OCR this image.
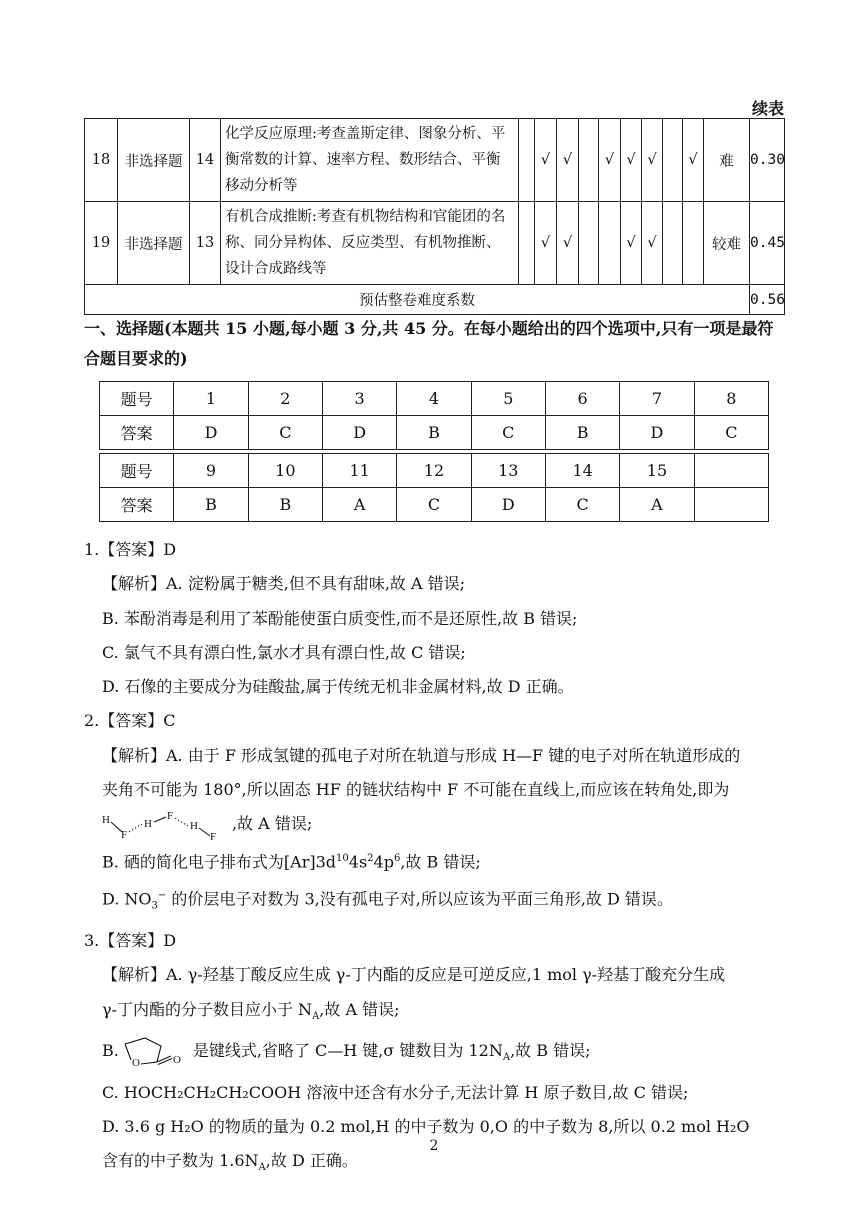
续表
18	非选择题	14	化学反应原理:考查盖斯定律、图象分析、平衡常数的计算、速率方程、数形结合、平衡移动分析等		√	√		√	√	√		√	难	0.30
19	非选择题	13	有机合成推断:考查有机物结构和官能团的名称、同分异构体、反应类型、有机物推断、设计合成路线等		√	√			√	√			较难	0.45
预估整卷难度系数														0.56
一、选择题(本题共 15 小题,每小题 3 分,共 45 分。在每小题给出的四个选项中,只有一项是最符合题目要求的)
题号	1	2	3	4	5	6	7	8
答案	D	C	D	B	C	B	D	C

题号	9	10	11	12	13	14	15	
答案	B	B	A	C	D	C	A	

1.【答案】D

【解析】A. 淀粉属于糖类,但不具有甜味,故 A 错误;

B. 苯酚消毒是利用了苯酚能使蛋白质变性,而不是还原性,故 B 错误;

C. 氯气不具有漂白性,氯水才具有漂白性,故 C 错误;

D. 石像的主要成分为硅酸盐,属于传统无机非金属材料,故 D 正确。

2.【答案】C

【解析】A. 由于 F 形成氢键的孤电子对所在轨道与形成 H—F 键的电子对所在轨道形成的

夹角不可能为 180°,所以固态 HF 的链状结构中 F 不可能在直线上,而应该在转角处,即为

H
F
H
F
H
F
,故 A 错误;

B. 硒的简化电子排布式为$[Ar]3d^{10}4s^24p^6$,故 B 错误;

D. $NO_3^-$ 的价层电子对数为 3,没有孤电子对,所以应该为平面三角形,故 D 错误。

3.【答案】D

【解析】A. γ-羟基丁酸反应生成 γ-丁内酯的反应是可逆反应,1 mol γ-羟基丁酸充分生成

γ-丁内酯的分子数目应小于 $N_A$,故 A 错误;

B.
O	O 是键线式,省略了 C—H 键,σ 键数目为 $12N_A$,故 B 错误;

C. HOCH₂CH₂CH₂COOH 溶液中还含有水分子,无法计算 H 原子数目,故 C 错误;

D. 3.6 g H₂O 的物质的量为 0.2 mol,H 的中子数为 0,O 的中子数为 8,所以 0.2 mol H₂O

含有的中子数为 $1.6N_A$,故 D 正确。

2
